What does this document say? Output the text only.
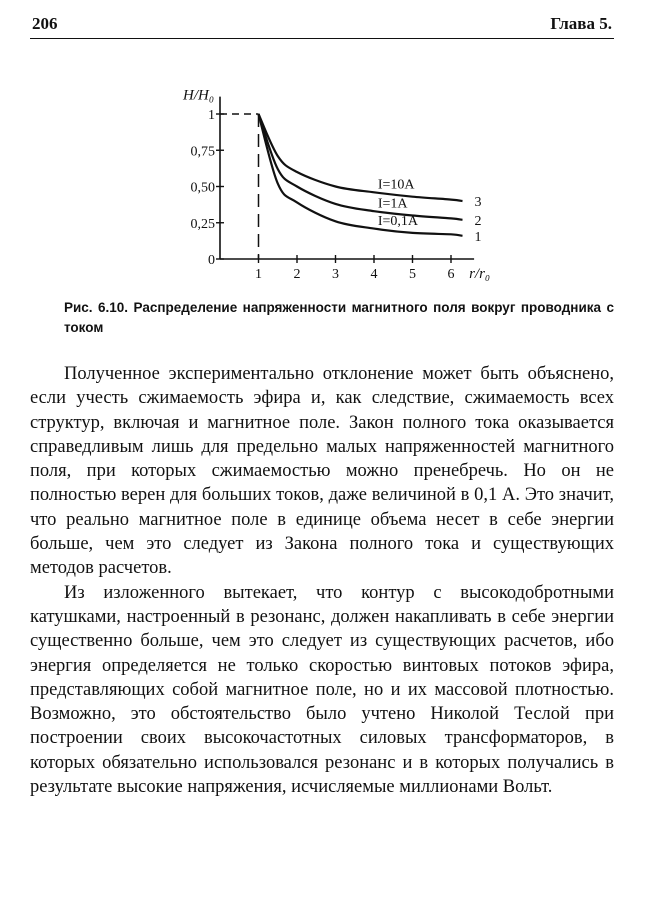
206	Глава 5.
0
0,25
0,50
0,75
1
1 2 3 4 5 6
H/H₀
r/r₀
I=10A
3
I=1A
2
I=0,1A
1
Рис. 6.10. Распределение напряженности магнитного поля вокруг проводника с током

Полученное экспериментально отклонение может быть объяснено, если учесть сжимаемость эфира и, как следствие, сжимаемость всех структур, включая и магнитное поле. Закон полного тока оказывается справедливым лишь для предельно малых напряженностей магнитного поля, при которых сжимаемостью можно пренебречь. Но он не полностью верен для больших токов, даже величиной в 0,1 А. Это значит, что реально магнитное поле в единице объема несет в себе энергии больше, чем это следует из Закона полного тока и существующих методов расчетов.

Из изложенного вытекает, что контур с высокодобротными катушками, настроенный в резонанс, должен накапливать в себе энергии существенно больше, чем это следует из существующих расчетов, ибо энергия определяется не только скоростью винтовых потоков эфира, представляющих собой магнитное поле, но и их массовой плотностью. Возможно, это обстоятельство было учтено Николой Теслой при построении своих высокочастотных силовых трансформаторов, в которых обязательно использовался резонанс и в которых получались в результате высокие напряжения, исчисляемые миллионами Вольт.
